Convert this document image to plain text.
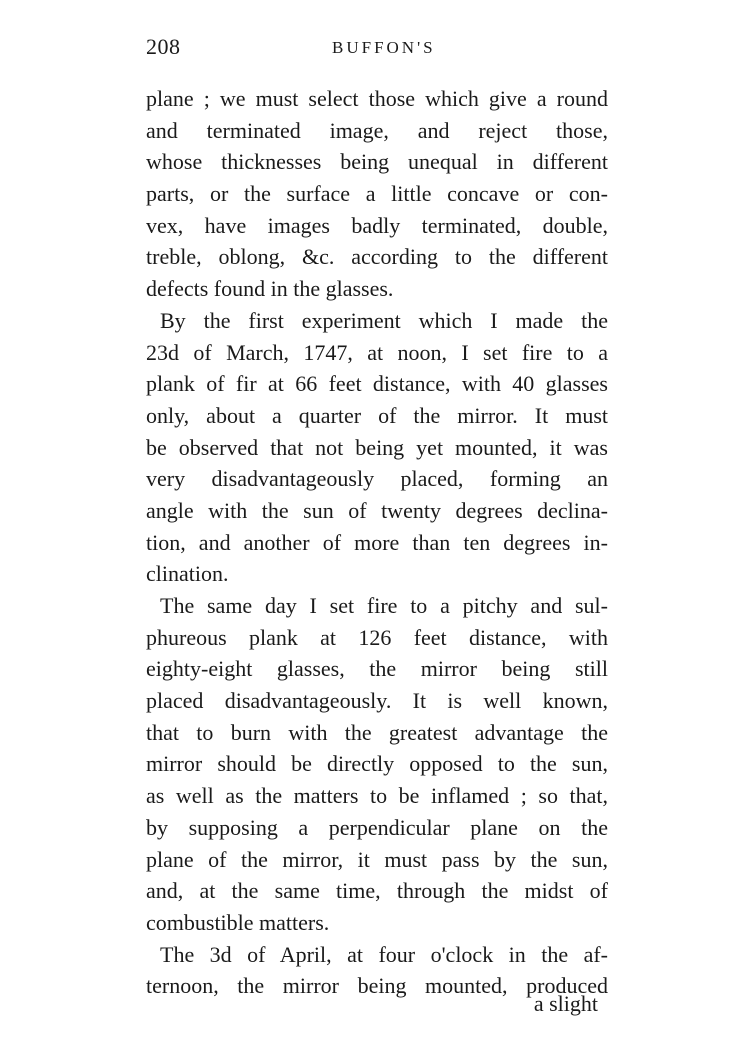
208	BUFFON'S
plane ; we must select those which give a round
and terminated image, and reject those,
whose thicknesses being unequal in different
parts, or the surface a little concave or con-
vex, have images badly terminated, double,
treble, oblong, &c. according to the different
defects found in the glasses.
By the first experiment which I made the
23d of March, 1747, at noon, I set fire to a
plank of fir at 66 feet distance, with 40 glasses
only, about a quarter of the mirror. It must
be observed that not being yet mounted, it was
very disadvantageously placed, forming an
angle with the sun of twenty degrees declina-
tion, and another of more than ten degrees in-
clination.
The same day I set fire to a pitchy and sul-
phureous plank at 126 feet distance, with
eighty-eight glasses, the mirror being still
placed disadvantageously. It is well known,
that to burn with the greatest advantage the
mirror should be directly opposed to the sun,
as well as the matters to be inflamed ; so that,
by supposing a perpendicular plane on the
plane of the mirror, it must pass by the sun,
and, at the same time, through the midst of
combustible matters.
The 3d of April, at four o'clock in the af-
ternoon, the mirror being mounted, produced
a slight
